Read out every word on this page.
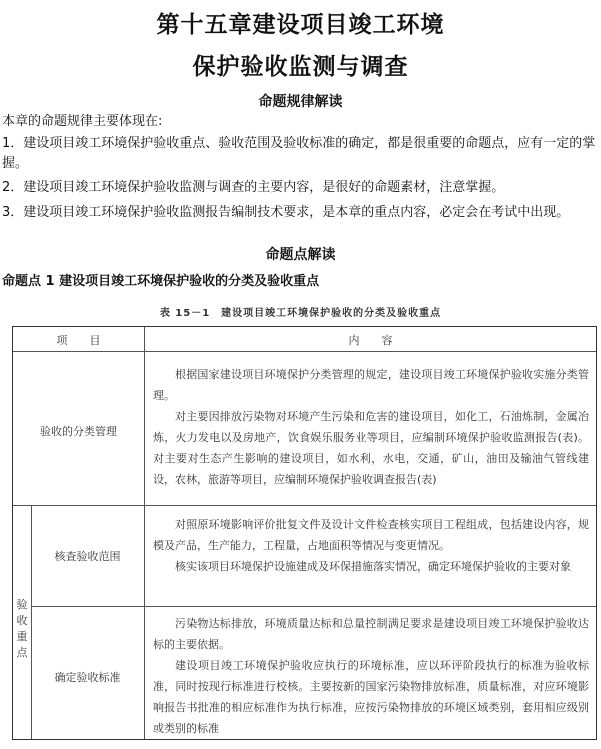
第十五章建设项目竣工环境
保护验收监测与调查
命题规律解读
本章的命题规律主要体现在:
1．建设项目竣工环境保护验收重点、验收范围及验收标准的确定，都是很重要的命题点，应有一定的掌握。
2．建设项目竣工环境保护验收监测与调查的主要内容，是很好的命题素材，注意掌握。
3．建设项目竣工环境保护验收监测报告编制技术要求，是本章的重点内容，必定会在考试中出现。
命题点解读
命题点 1 建设项目竣工环境保护验收的分类及验收重点
表 15－1　建设项目竣工环境保护验收的分类及验收重点
项　　目	内　　容
验收的分类管理
根据国家建设项目环境保护分类管理的规定，建设项目竣工环境保护验收实施分类管理。
对主要因排放污染物对环境产生污染和危害的建设项目，如化工，石油炼制，金属冶炼，火力发电以及房地产，饮食娱乐服务业等项目，应编制环境保护验收监测报告(表)。对主要对生态产生影响的建设项目，如水利，水电，交通，矿山，油田及输油气管线建设，农林，旅游等项目，应编制环境保护验收调查报告(表)
验收重点
核查验收范围
对照原环境影响评价批复文件及设计文件检查核实项目工程组成，包括建设内容，规模及产品，生产能力，工程量，占地面积等情况与变更情况。
核实该项目环境保护设施建成及环保措施落实情况，确定环境保护验收的主要对象
确定验收标准
污染物达标排放，环境质量达标和总量控制满足要求是建设项目竣工环境保护验收达标的主要依据。
建设项目竣工环境保护验收应执行的环境标准，应以环评阶段执行的标准为验收标准，同时按现行标准进行校核。主要按新的国家污染物排放标准，质量标准，对应环境影响报告书批准的相应标准作为执行标准，应按污染物排放的环境区域类别，套用相应级别或类别的标准
